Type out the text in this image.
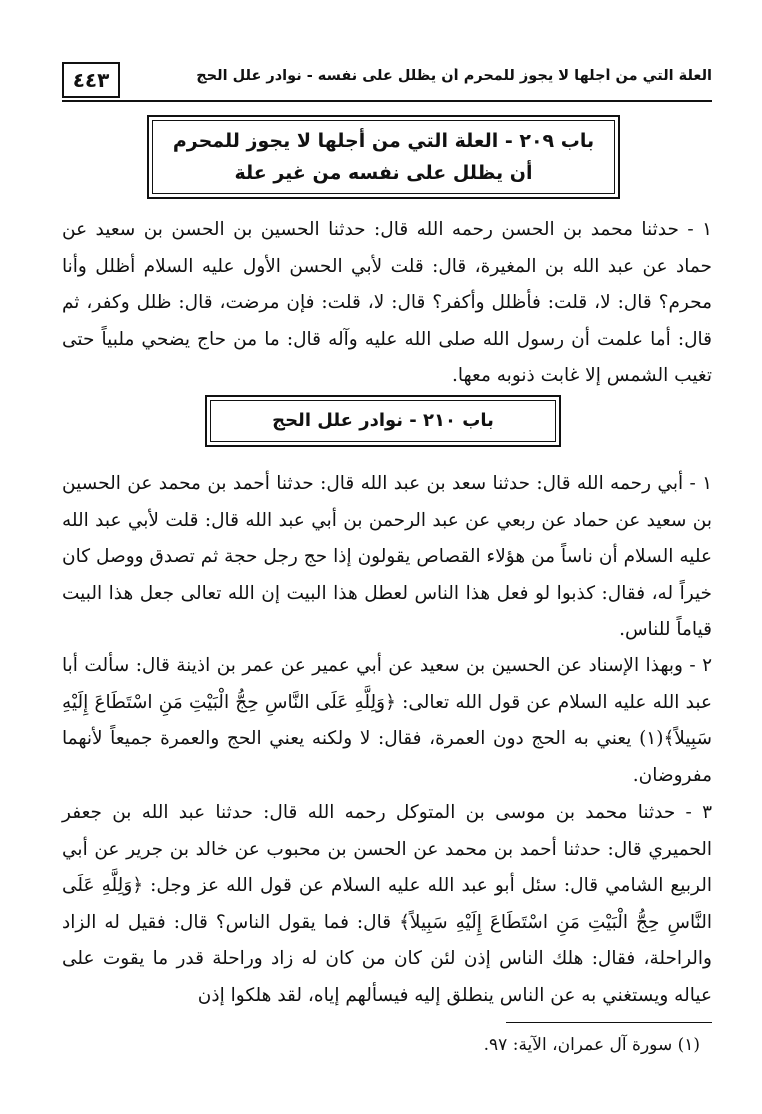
٤٤٣	العلة التي من أجلها لا يجوز للمحرم أن يظلل على نفسه - نوادر علل الحج
باب ٢٠٩ - العلة التي من أجلها لا يجوز للمحرم
أن يظلل على نفسه من غير علة
١ - حدثنا محمد بن الحسن رحمه الله قال: حدثنا الحسين بن الحسن بن سعيد عن حماد عن عبد الله بن المغيرة، قال: قلت لأبي الحسن الأول عليه السلام أظلل وأنا محرم؟ قال: لا، قلت: فأظلل وأكفر؟ قال: لا، قلت: فإن مرضت، قال: ظلل وكفر، ثم قال: أما علمت أن رسول الله صلى الله عليه وآله قال: ما من حاج يضحي ملبياً حتى تغيب الشمس إلا غابت ذنوبه معها.
باب ٢١٠ - نوادر علل الحج
١ - أبي رحمه الله قال: حدثنا سعد بن عبد الله قال: حدثنا أحمد بن محمد عن الحسين بن سعيد عن حماد عن ربعي عن عبد الرحمن بن أبي عبد الله قال: قلت لأبي عبد الله عليه السلام أن ناساً من هؤلاء القصاص يقولون إذا حج رجل حجة ثم تصدق ووصل كان خيراً له، فقال: كذبوا لو فعل هذا الناس لعطل هذا البيت إن الله تعالى جعل هذا البيت قياماً للناس.
٢ - وبهذا الإسناد عن الحسين بن سعيد عن أبي عمير عن عمر بن اذينة قال: سألت أبا عبد الله عليه السلام عن قول الله تعالى: ﴿وَلِلَّهِ عَلَى النَّاسِ حِجُّ الْبَيْتِ مَنِ اسْتَطَاعَ إِلَيْهِ سَبِيلاً﴾(١) يعني به الحج دون العمرة، فقال: لا ولكنه يعني الحج والعمرة جميعاً لأنهما مفروضان.
٣ - حدثنا محمد بن موسى بن المتوكل رحمه الله قال: حدثنا عبد الله بن جعفر الحميري قال: حدثنا أحمد بن محمد عن الحسن بن محبوب عن خالد بن جرير عن أبي الربيع الشامي قال: سئل أبو عبد الله عليه السلام عن قول الله عز وجل: ﴿وَلِلَّهِ عَلَى النَّاسِ حِجُّ الْبَيْتِ مَنِ اسْتَطَاعَ إِلَيْهِ سَبِيلاً﴾ قال: فما يقول الناس؟ قال: فقيل له الزاد والراحلة، فقال: هلك الناس إذن لئن كان من كان له زاد وراحلة قدر ما يقوت على عياله ويستغني به عن الناس ينطلق إليه فيسألهم إياه، لقد هلكوا إذن
(١) سورة آل عمران، الآية: ٩٧.
